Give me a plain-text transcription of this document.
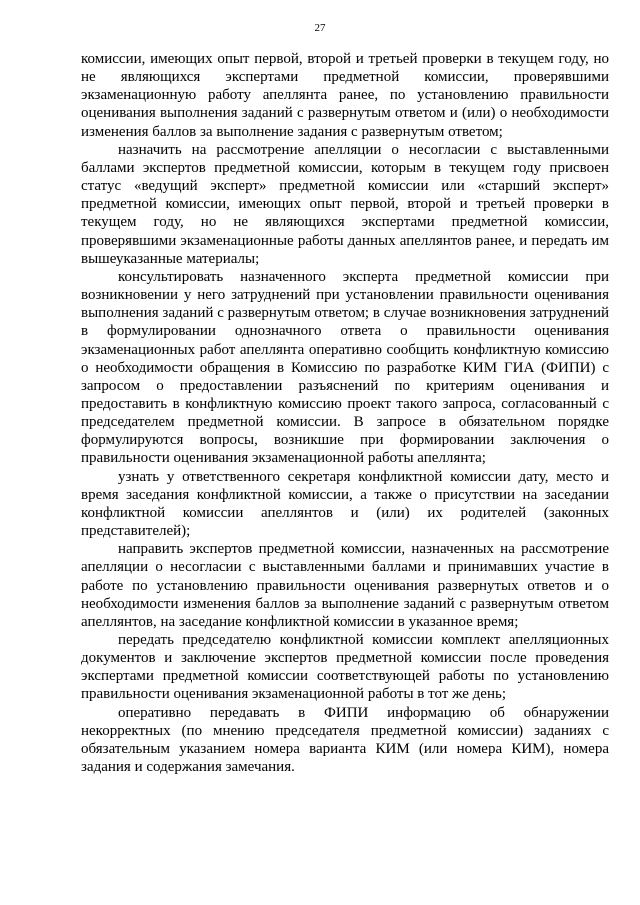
27

комиссии, имеющих опыт первой, второй и третьей проверки в текущем году, но не являющихся экспертами предметной комиссии, проверявшими экзаменационную работу апеллянта ранее, по установлению правильности оценивания выполнения заданий с развернутым ответом и (или) о необходимости изменения баллов за выполнение задания с развернутым ответом;

назначить на рассмотрение апелляции о несогласии с выставленными баллами экспертов предметной комиссии, которым в текущем году присвоен статус «ведущий эксперт» предметной комиссии или «старший эксперт» предметной комиссии, имеющих опыт первой, второй и третьей проверки в текущем году, но не являющихся экспертами предметной комиссии, проверявшими экзаменационные работы данных апеллянтов ранее, и передать им вышеуказанные материалы;

консультировать назначенного эксперта предметной комиссии при возникновении у него затруднений при установлении правильности оценивания выполнения заданий с развернутым ответом; в случае возникновения затруднений в формулировании однозначного ответа о правильности оценивания экзаменационных работ апеллянта оперативно сообщить конфликтную комиссию о необходимости обращения в Комиссию по разработке КИМ ГИА (ФИПИ) с запросом о предоставлении разъяснений по критериям оценивания и предоставить в конфликтную комиссию проект такого запроса, согласованный с председателем предметной комиссии. В запросе в обязательном порядке формулируются вопросы, возникшие при формировании заключения о правильности оценивания экзаменационной работы апеллянта;

узнать у ответственного секретаря конфликтной комиссии дату, место и время заседания конфликтной комиссии, а также о присутствии на заседании конфликтной комиссии апеллянтов и (или) их родителей (законных представителей);

направить экспертов предметной комиссии, назначенных на рассмотрение апелляции о несогласии с выставленными баллами и принимавших участие в работе по установлению правильности оценивания развернутых ответов и о необходимости изменения баллов за выполнение заданий с развернутым ответом апеллянтов, на заседание конфликтной комиссии в указанное время;

передать председателю конфликтной комиссии комплект апелляционных документов и заключение экспертов предметной комиссии после проведения экспертами предметной комиссии соответствующей работы по установлению правильности оценивания экзаменационной работы в тот же день;

оперативно передавать в ФИПИ информацию об обнаружении некорректных (по мнению председателя предметной комиссии) заданиях с обязательным указанием номера варианта КИМ (или номера КИМ), номера задания и содержания замечания.
